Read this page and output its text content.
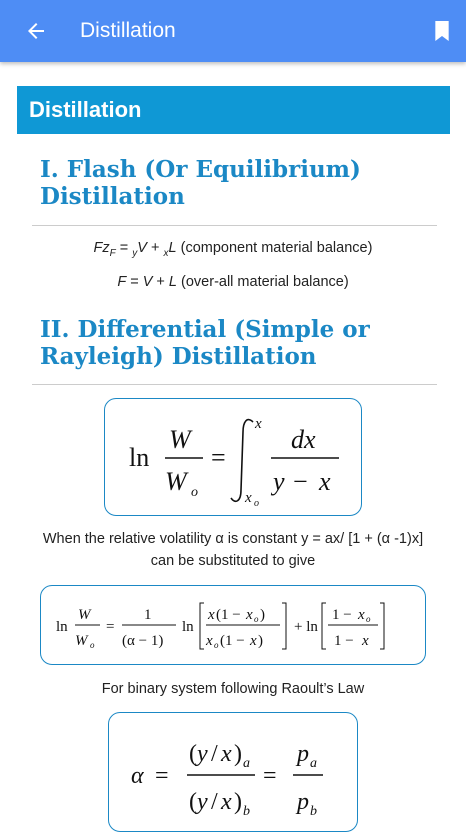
Distillation
Distillation
I. Flash (Or Equilibrium) Distillation
$Fz_F = _yV + _xL$ (component material balance)
F = V + L (over-all material balance)
II. Differential (Simple or Rayleigh) Distillation
ln
W
W o
=
x
x o
dx
y − x
When the relative volatility α is constant y = ax/ [1 + (α -1)x] can be substituted to give
ln
W
W o
=
1
(α − 1)
ln
x (1 − x o )
x o (1 − x )
+ ln
1 − x o
1 − x
For binary system following Raoult’s Law
α =
( y / x ) a
( y / x ) b
=
p a
p b
